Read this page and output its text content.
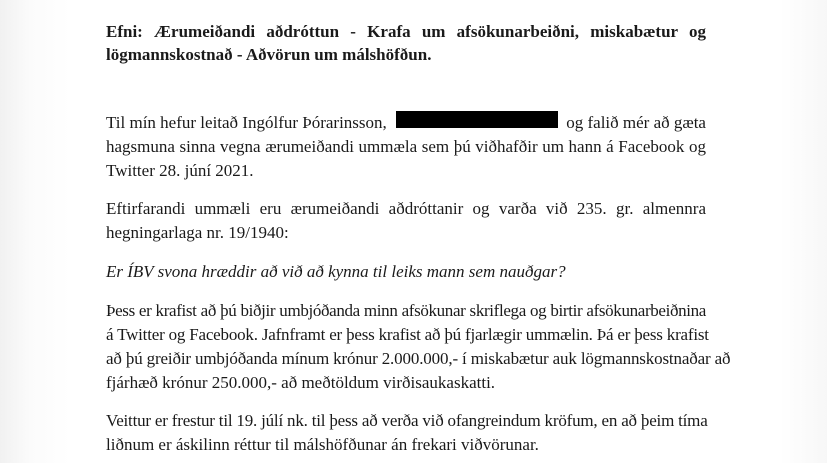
Efni: Ærumeiðandi aðdróttun - Krafa um afsökunarbeiðni, miskabætur og
lögmannskostnað - Aðvörun um málshöfðun.
Til mín hefur leitað Ingólfur Þórarinsson,	og falið mér að gæta
hagsmuna sinna vegna ærumeiðandi ummæla sem þú viðhafðir um hann á Facebook og
Twitter 28. júní 2021.
Eftirfarandi ummæli eru ærumeiðandi aðdróttanir og varða við 235. gr. almennra
hegningarlaga nr. 19/1940:
Er ÍBV svona hræddir að við að kynna til leiks mann sem nauðgar?
Þess er krafist að þú biðjir umbjóðanda minn afsökunar skriflega og birtir afsökunarbeiðnina
á Twitter og Facebook. Jafnframt er þess krafist að þú fjarlægir ummælin. Þá er þess krafist
að þú greiðir umbjóðanda mínum krónur 2.000.000,- í miskabætur auk lögmannskostnaðar að
fjárhæð krónur 250.000,- að meðtöldum virðisaukaskatti.
Veittur er frestur til 19. júlí nk. til þess að verða við ofangreindum kröfum, en að þeim tíma
liðnum er áskilinn réttur til málshöfðunar án frekari viðvörunar.
